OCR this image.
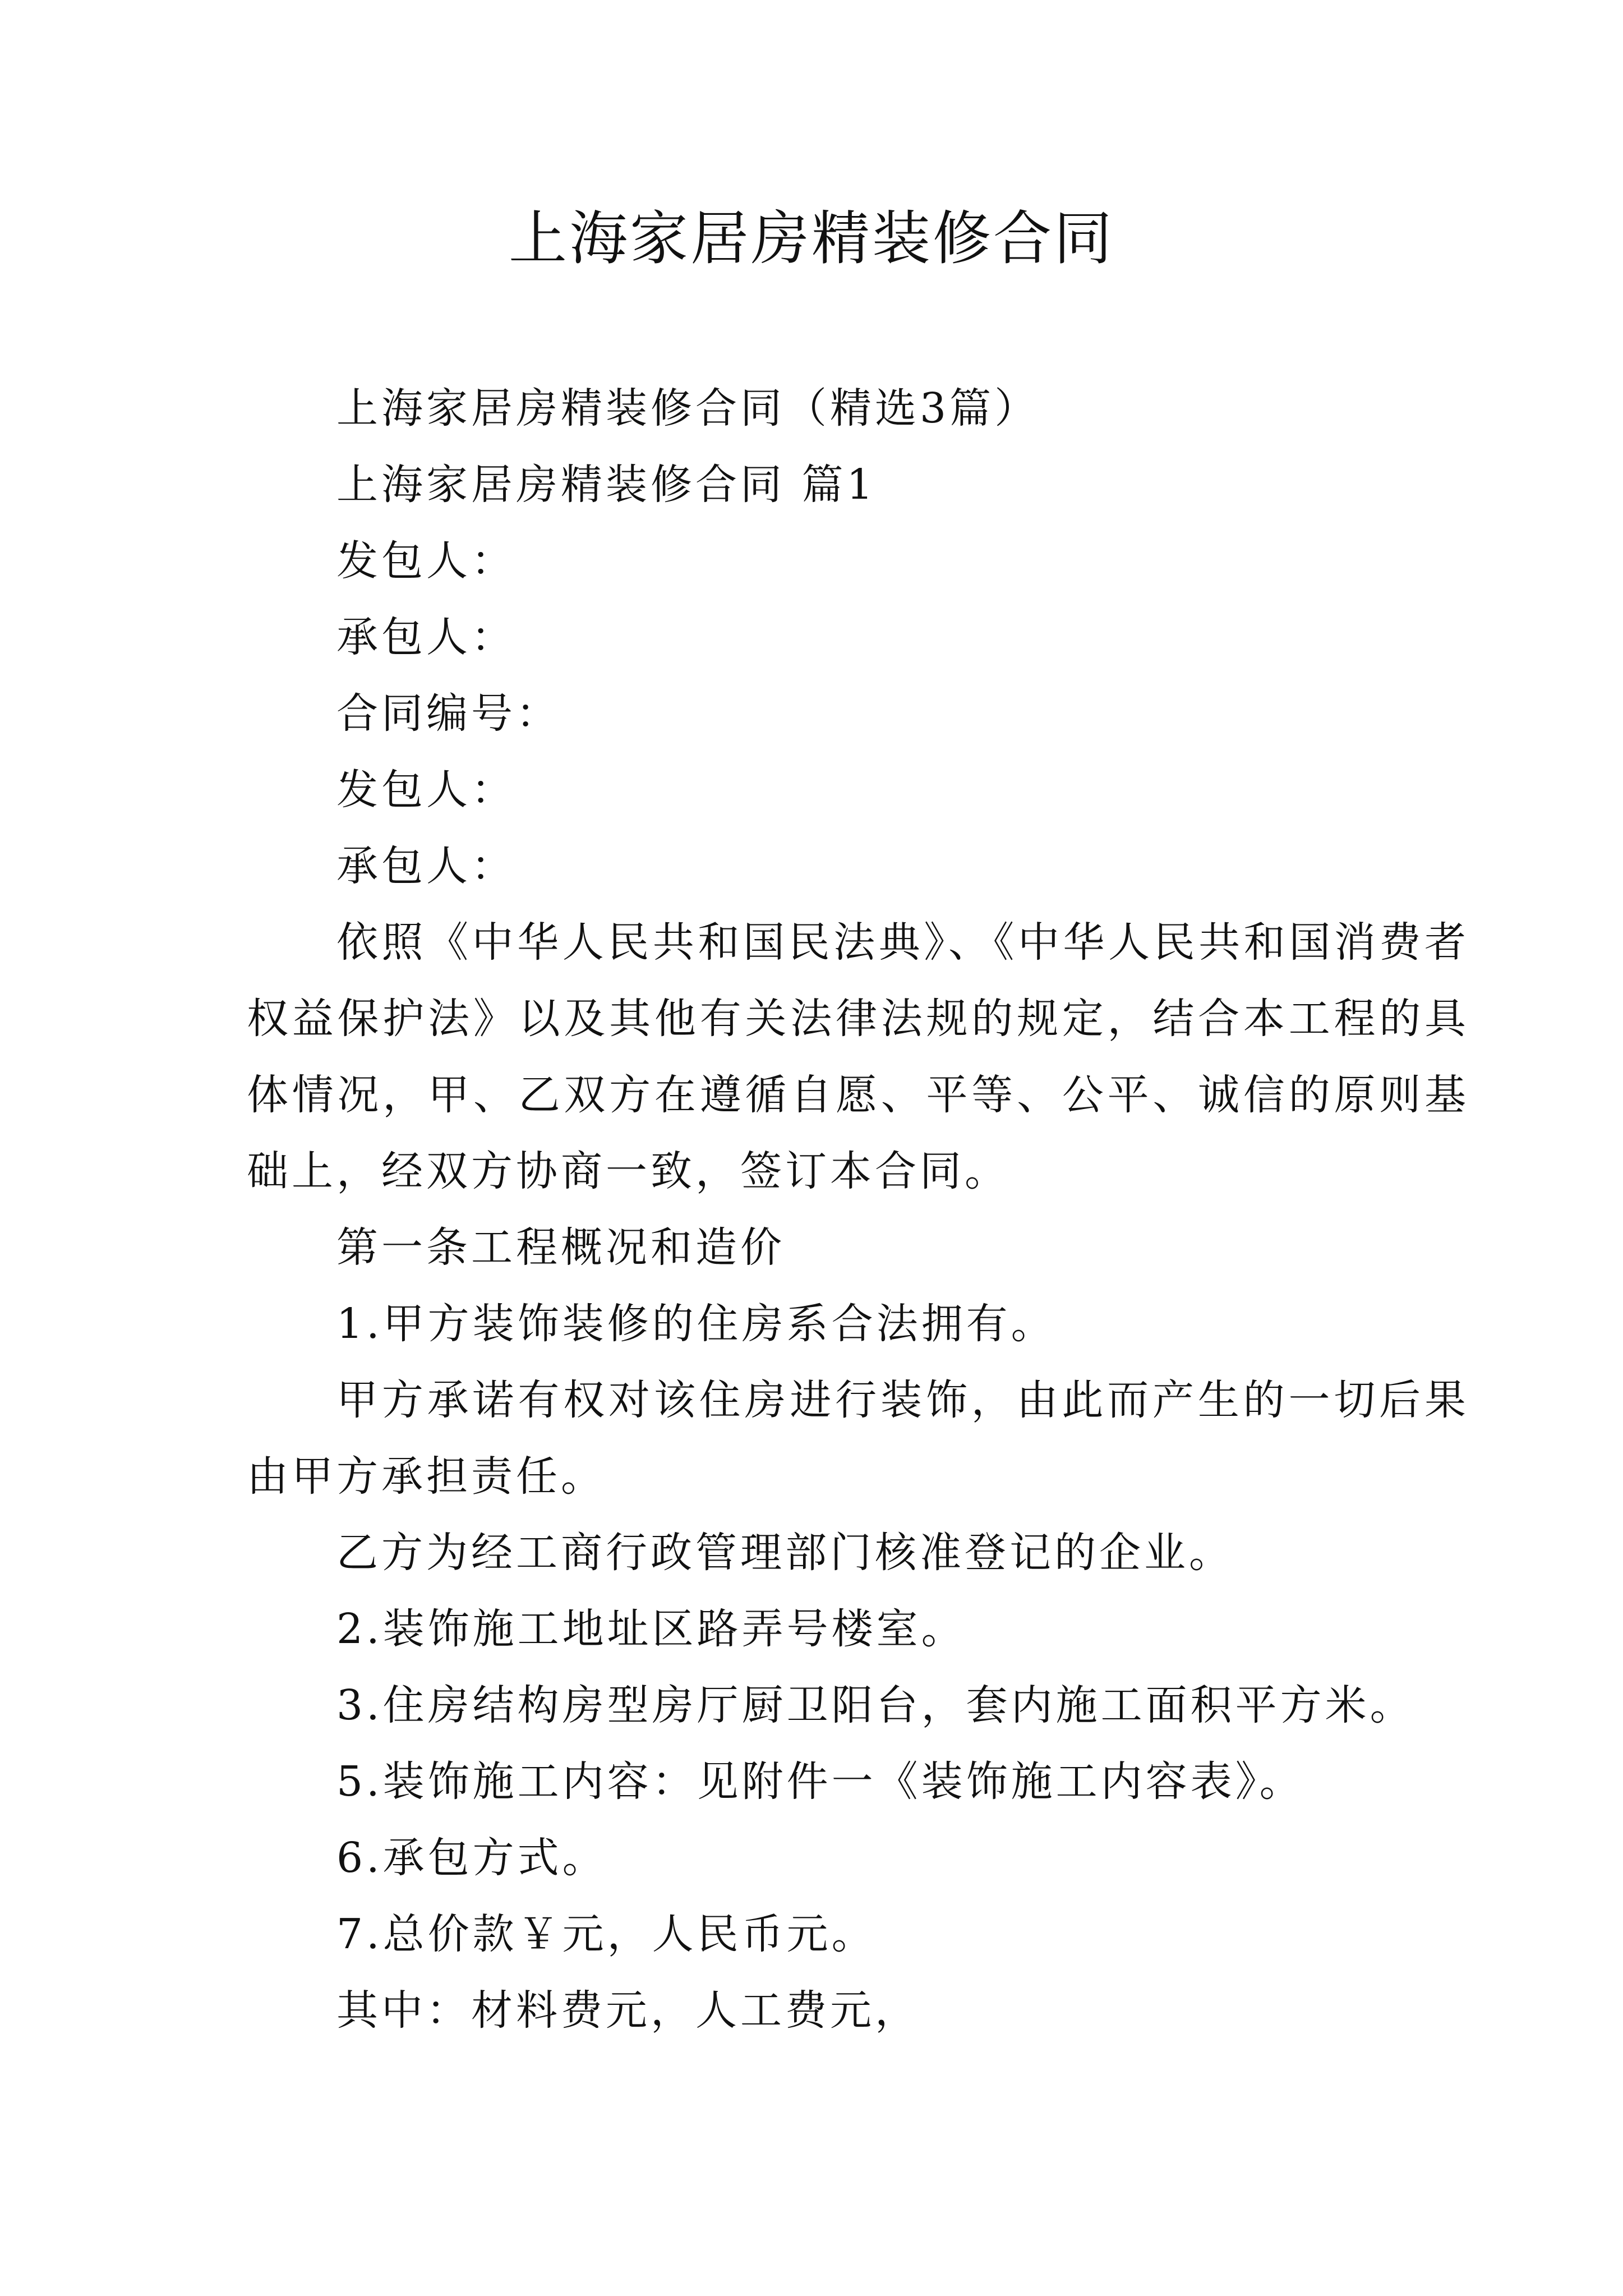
上海家居房精装修合同

上海家居房精装修合同（精选3篇）

上海家居房精装修合同 篇1

发包人：

承包人：

合同编号：

发包人：

承包人：

依照《中华人民共和国民法典》、《中华人民共和国消费者权益保护法》以及其他有关法律法规的规定，结合本工程的具体情况，甲、乙双方在遵循自愿、平等、公平、诚信的原则基础上，经双方协商一致，签订本合同。

第一条工程概况和造价

1.甲方装饰装修的住房系合法拥有。

甲方承诺有权对该住房进行装饰，由此而产生的一切后果由甲方承担责任。

乙方为经工商行政管理部门核准登记的企业。

2.装饰施工地址区路弄号楼室。

3.住房结构房型房厅厨卫阳台，套内施工面积平方米。

5.装饰施工内容：见附件一《装饰施工内容表》。

6.承包方式。

7.总价款￥元，人民币元。

其中：材料费元，人工费元，
